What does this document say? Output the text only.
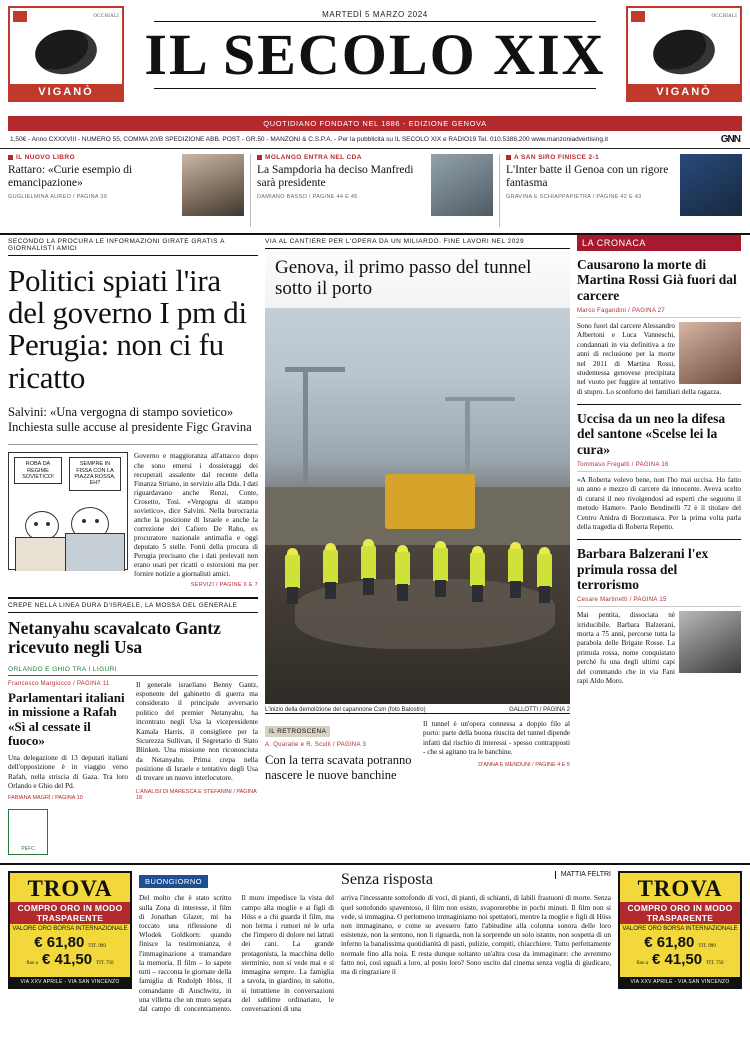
OCCHIALI
VIGANÒ
MARTEDÌ 5 MARZO 2024
IL SECOLO XIX
OCCHIALI
VIGANÒ
QUOTIDIANO FONDATO NEL 1886 - EDIZIONE GENOVA
1,50€ - Anno CXXXVIII - NUMERO 55, COMMA 20/B SPEDIZIONE ABB. POST - GR.50 - MANZONI & C.S.P.A. - Per la pubblicità su IL SECOLO XIX e RADIO19 Tel. 010.5388.200 www.manzoniadvertising.it	GNN
IL NUOVO LIBRO
Rattaro: «Curie esempio di emancipazione»
GUGLIELMINA AUREO / PAGINA 39
MOLANGO ENTRA NEL CDA
La Sampdoria ha deciso Manfredi sarà presidente
DAMIANO BASSO / PAGINE 44 E 45
A SAN SIRO FINISCE 2-1
L'Inter batte il Genoa con un rigore fantasma
GRAVINA E SCHIAPPAPIETRA / PAGINE 42 E 43
SECONDO LA PROCURA LE INFORMAZIONI GIRATE GRATIS A GIORNALISTI AMICI
Politici spiati l'ira del governo I pm di Perugia: non ci fu ricatto
Salvini: «Una vergogna di stampo sovietico» Inchiesta sulle accuse al presidente Figc Gravina
ROBA DA REGIME SOVIETICO!
SEMPRE IN FISSA CON LA PIAZZA ROSSA, EH?
Governo e maggioranza all'attacco dopo che sono emersi i dossieraggi dei recuperati assalente dal recente della Finanza Striano, in servizio alla Dda. I dati riguardavano anche Renzi, Conte, Crosetto, Tosi. «Vergogna di stampo sovietico», dice Salvini. Nella burocrazia anche la posizione di Israele e anche la correzione dei Cafiero De Raho, ex procuratore nazionale antimafia e oggi deputato 5 stelle. Fonti della procura di Perugia precisano che i dati prelevati non erano usati per ricatti o estorsioni ma per fornire notizie a giornalisti amici.
SERVIZI / PAGINE 6 E 7
CREPE NELLA LINEA DURA D'ISRAELE, LA MOSSA DEL GENERALE
Netanyahu scavalcato Gantz ricevuto negli Usa
ORLANDO E GHIO TRA I LIGURI
Francesco Margiocco / PAGINA 11
Parlamentari italiani in missione a Rafah «Sì al cessate il fuoco»
Una delegazione di 13 deputati italiani dell'opposizione è in viaggio verso Rafah, nella striscia di Gaza. Tra loro Orlando e Ghio del Pd.
FABIANA MAGRÌ / PAGINA 10
PEFC
Il generale israeliano Benny Gantz, esponente del gabinetto di guerra ma considerato il principale avversario politico del premier Netanyahu, ha incontrato negli Usa la vicepresidente Kamala Harris, il consigliere per la Sicurezza Sullivan, il Segretario di Stato Blinken. Una missione non riconosciuta da Netanyahu. Prima crepa nella posizione di Israele e tentativo degli Usa di trovare un nuovo interlocutore.
L'ANALISI DI MARESCA E STEFANINI / PAGINA 18
VIA AL CANTIERE PER L'OPERA DA UN MILIARDO. FINE LAVORI NEL 2029
Genova, il primo passo del tunnel sotto il porto
L'inizio della demolizione del capannone Csm (foto Balostro)	GALLOTTI / PAGINA 2
IL RETROSCENA
A. Quaratie e R. Sculli / PAGINA 3
Con la terra scavata potranno nascere le nuove banchine
Il tunnel è un'opera connessa a doppio filo al porto: parte della buona riuscita del tunnel dipende infatti dal rischio di interessi - spesso contrapposti - che si agitano tra le banchine.
D'ANNA E MENDUNI / PAGINE 4 E 5
LA CRONACA
Causarono la morte di Martina Rossi Già fuori dal carcere
Marco Fagandini / PAGINA 27
Sono fuori dal carcere Alessandro Albertoni e Luca Vanneschi, condannati in via definitiva a tre anni di reclusione per la morte nel 2011 di Martina Rossi, studentessa genovese precipitata nel vuoto per fuggire al tentativo di stupro. Lo sconforto dei familiari della ragazza.
Uccisa da un neo la difesa del santone «Scelse lei la cura»
Tommaso Fregatti / PAGINA 16
«A Roberta volevo bene, non l'ho mai uccisa. Ho fatto un anno e mezzo di carcere da innocente. Aveva scelto di curarsi il neo rivolgendosi ad esperti che seguono il metodo Hamer». Paolo Bendinelli 72 è il titolare del Centro Anidra di Borzonasca. Per la prima volta parla della tragedia di Roberta Repetto.
Barbara Balzerani l'ex primula rossa del terrorismo
Cesare Martinetti / PAGINA 15
Mai pentita, dissociata nè irriducibile. Barbara Balzerani, morta a 75 anni, percorse tutta la parabola delle Brigate Rosse. La primula rossa, nome conquistato perché fu una degli ultimi capi del commando che in via Fani rapì Aldo Moro.
TROVA
COMPRO ORO IN MODO TRASPARENTE
VALORE ORO BORSA INTERNAZIONALE
€ 61,80 TIT. 999
fino a € 41,50 TIT. 750
VIA XXV APRILE - VIA SAN VINCENZO
BUONGIORNO
Del molto che è stato scritto sulla Zona di interesse, il film di Jonathan Glazer, mi ha toccato una riflessione di Wlodek Goldkorn: quando finisce la testimonianza, è l'immaginazione a tramandare la memoria. Il film – lo sapete tutti – racconta le giornate della famiglia di Rudolph Höss, il comandante di Auschwitz, in una villetta che un muro separa dal campo di concentramento. Il muro impedisce la vista del campo alla moglie e ai figli di Höss e a chi guarda il film, ma non lerma i rumori né le urla che l'impero di dolore nei latrati dei cani. La grande protagonista, la macchina dello sterminio, non si vede mai e si immagina sempre. La famiglia a tavola, in giardino, in salotto, si intrattiene in conversazioni del sublime ordinariato, le conversazioni di una
Senza risposta	MATTIA FELTRI
arriva l'incessante sottofondo di voci, di pianti, di schianti, di labili frastuoni di morte. Senza quel sottofondo spaventoso, il film non esiste, svaporerebbe in pochi minuti. Il film non si vede, si immagina. O perlomeno immaginiamo noi spettatori, mentre la moglie e figli di Höss non immaginano, e come se avessero fatto l'abitudine alla colonna sonora delle loro esistenze, non la sentono, non li riguarda, non la sorprende un solo istante, non sospetta di un inferno la banalissima quotidianità di pasti, pulizie, compiti, chiacchiere. Tutto perfettamente normale fino alla noia. E resta dunque soltanto un'altra cosa da immaginare: che avremmo fatto noi, così uguali a loro, al posto loro? Sono uscito dal cinema senza voglia di giudicare, ma di ringraziare il
TROVA
COMPRO ORO IN MODO TRASPARENTE
VALORE ORO BORSA INTERNAZIONALE
€ 61,80 TIT. 999
fino a € 41,50 TIT. 750
VIA XXV APRILE - VIA SAN VINCENZO
